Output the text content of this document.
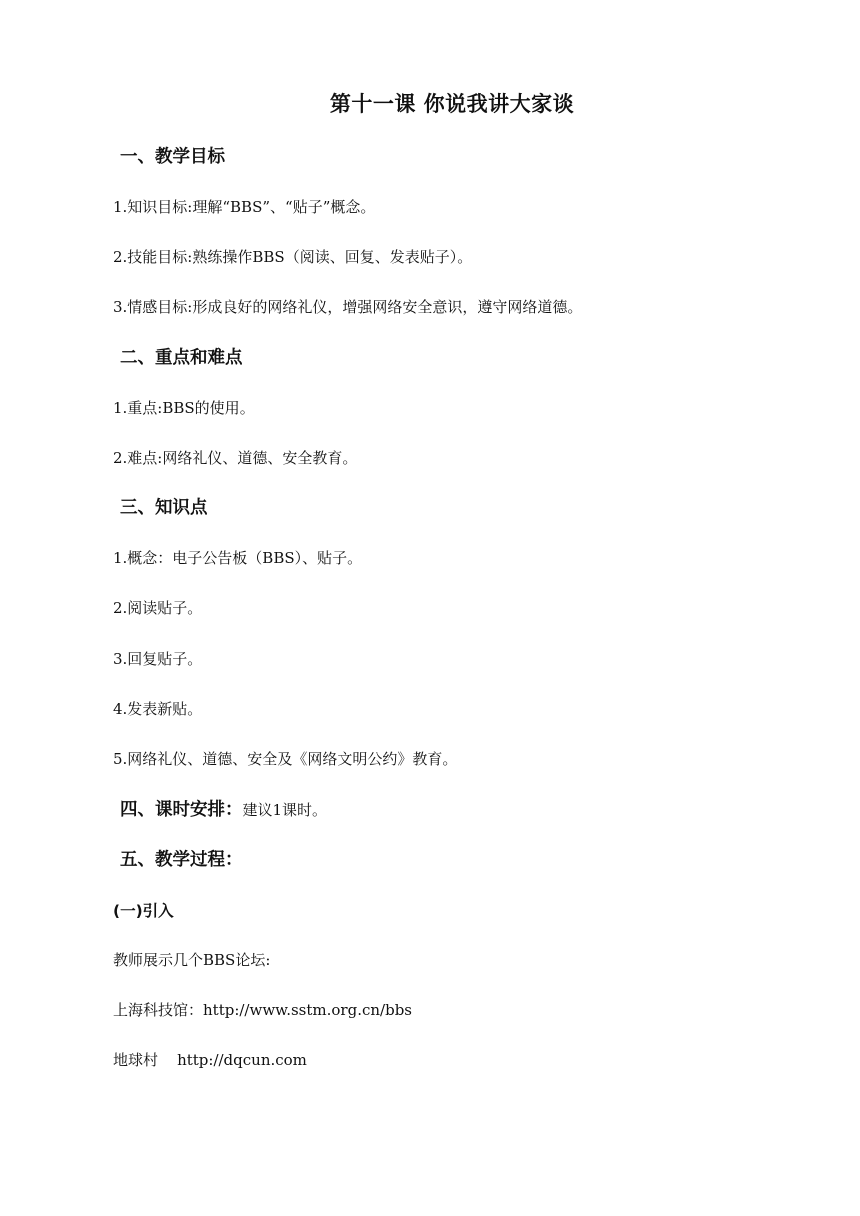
第十一课 你说我讲大家谈
一、教学目标

1.知识目标:理解“BBS”、“贴子”概念。

2.技能目标:熟练操作BBS（阅读、回复、发表贴子）。

3.情感目标:形成良好的网络礼仪，增强网络安全意识，遵守网络道德。

二、重点和难点

1.重点:BBS的使用。

2.难点:网络礼仪、道德、安全教育。

三、知识点

1.概念：电子公告板（BBS）、贴子。

2.阅读贴子。

3.回复贴子。

4.发表新贴。

5.网络礼仪、道德、安全及《网络文明公约》教育。

四、课时安排：建议1课时。
五、教学过程：
(一)引入

教师展示几个BBS论坛:

上海科技馆：http://www.sstm.org.cn/bbs

地球村    http://dqcun.com
